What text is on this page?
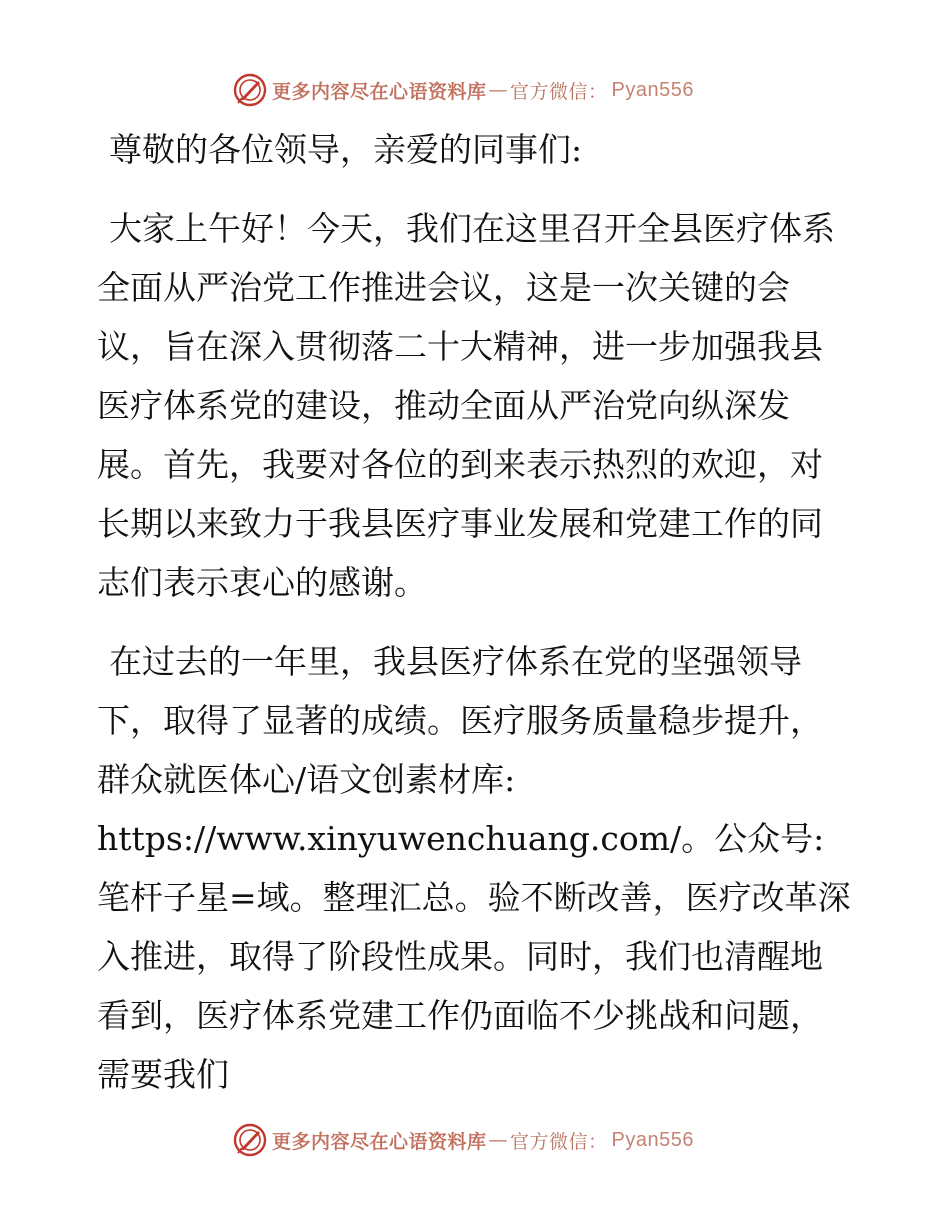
更多内容尽在心语资料库 — 官方微信： Pyan556

尊敬的各位领导，亲爱的同事们:

大家上午好！今天，我们在这里召开全县医疗体系全面从严治党工作推进会议，这是一次关键的会议，旨在深入贯彻落二十大精神，进一步加强我县医疗体系党的建设，推动全面从严治党向纵深发展。首先，我要对各位的到来表示热烈的欢迎，对长期以来致力于我县医疗事业发展和党建工作的同志们表示衷心的感谢。

在过去的一年里，我县医疗体系在党的坚强领导下，取得了显著的成绩。医疗服务质量稳步提升，群众就医体心/语文创素材库: https://www.xinyuwenchuang.com/。公众号: 笔杆子星=域。整理汇总。验不断改善，医疗改革深入推进，取得了阶段性成果。同时，我们也清醒地看到，医疗体系党建工作仍面临不少挑战和问题，需要我们

更多内容尽在心语资料库 — 官方微信： Pyan556
